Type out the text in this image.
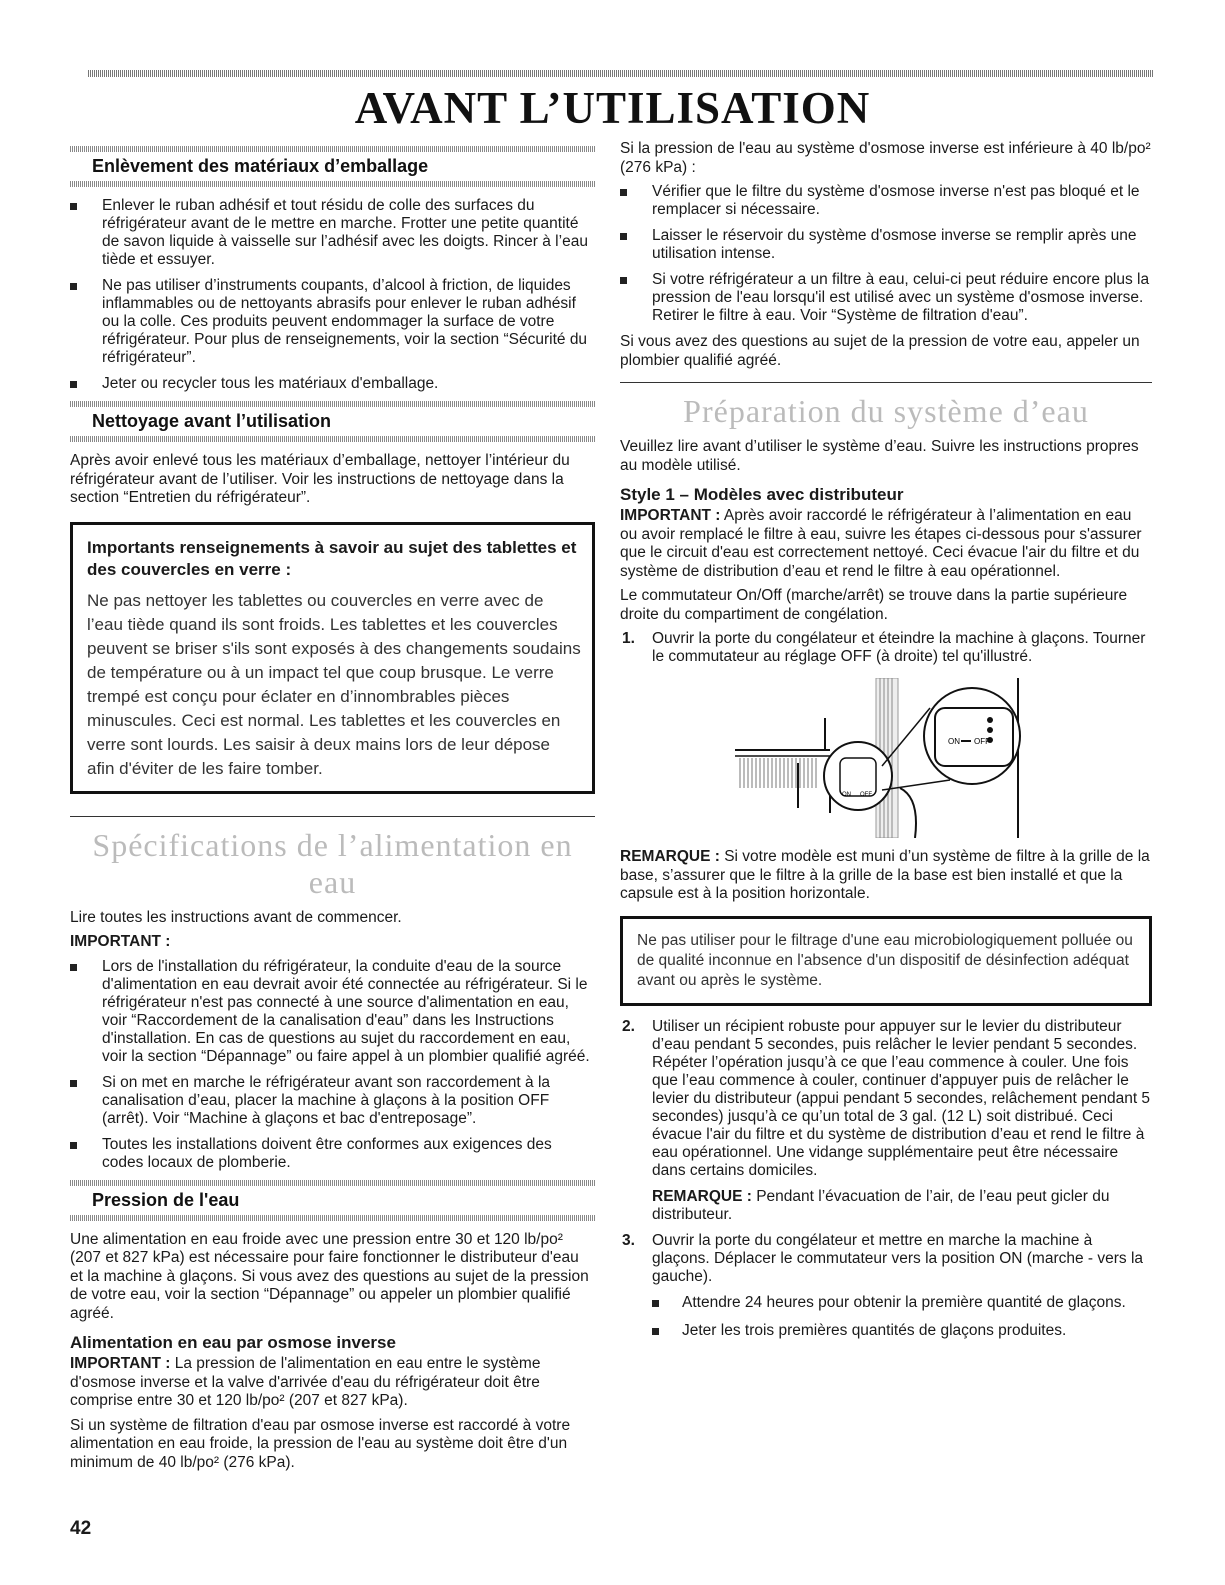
AVANT L’UTILISATION
Enlèvement des matériaux d’emballage
Enlever le ruban adhésif et tout résidu de colle des surfaces du réfrigérateur avant de le mettre en marche. Frotter une petite quantité de savon liquide à vaisselle sur l’adhésif avec les doigts. Rincer à l’eau tiède et essuyer.
Ne pas utiliser d’instruments coupants, d’alcool à friction, de liquides inflammables ou de nettoyants abrasifs pour enlever le ruban adhésif ou la colle. Ces produits peuvent endommager la surface de votre réfrigérateur. Pour plus de renseignements, voir la section “Sécurité du réfrigérateur”.
Jeter ou recycler tous les matériaux d'emballage.
Nettoyage avant l’utilisation

Après avoir enlevé tous les matériaux d’emballage, nettoyer l’intérieur du réfrigérateur avant de l’utiliser. Voir les instructions de nettoyage dans la section “Entretien du réfrigérateur”.

Importants renseignements à savoir au sujet des tablettes et des couvercles en verre :
Ne pas nettoyer les tablettes ou couvercles en verre avec de l’eau tiède quand ils sont froids. Les tablettes et les couvercles peuvent se briser s'ils sont exposés à des changements soudains de température ou à un impact tel que coup brusque. Le verre trempé est conçu pour éclater en d’innombrables pièces minuscules. Ceci est normal. Les tablettes et les couvercles en verre sont lourds. Les saisir à deux mains lors de leur dépose afin d'éviter de les faire tomber.
Spécifications de l’alimentation en eau

Lire toutes les instructions avant de commencer.

IMPORTANT :

Lors de l'installation du réfrigérateur, la conduite d'eau de la source d'alimentation en eau devrait avoir été connectée au réfrigérateur. Si le réfrigérateur n'est pas connecté à une source d'alimentation en eau, voir “Raccordement de la canalisation d'eau” dans les Instructions d'installation. En cas de questions au sujet du raccordement en eau, voir la section “Dépannage” ou faire appel à un plombier qualifié agréé.
Si on met en marche le réfrigérateur avant son raccordement à la canalisation d’eau, placer la machine à glaçons à la position OFF (arrêt). Voir “Machine à glaçons et bac d'entreposage”.
Toutes les installations doivent être conformes aux exigences des codes locaux de plomberie.
Pression de l'eau

Une alimentation en eau froide avec une pression entre 30 et 120 lb/po² (207 et 827 kPa) est nécessaire pour faire fonctionner le distributeur d'eau et la machine à glaçons. Si vous avez des questions au sujet de la pression de votre eau, voir la section “Dépannage” ou appeler un plombier qualifié agréé.

Alimentation en eau par osmose inverse

IMPORTANT : La pression de l'alimentation en eau entre le système d'osmose inverse et la valve d'arrivée d'eau du réfrigérateur doit être comprise entre 30 et 120 lb/po² (207 et 827 kPa).

Si un système de filtration d'eau par osmose inverse est raccordé à votre alimentation en eau froide, la pression de l'eau au système doit être d'un minimum de 40 lb/po² (276 kPa).

Si la pression de l'eau au système d'osmose inverse est inférieure à 40 lb/po² (276 kPa) :

Vérifier que le filtre du système d'osmose inverse n'est pas bloqué et le remplacer si nécessaire.
Laisser le réservoir du système d'osmose inverse se remplir après une utilisation intense.
Si votre réfrigérateur a un filtre à eau, celui-ci peut réduire encore plus la pression de l'eau lorsqu'il est utilisé avec un système d'osmose inverse. Retirer le filtre à eau. Voir “Système de filtration d'eau”.

Si vous avez des questions au sujet de la pression de votre eau, appeler un plombier qualifié agréé.

Préparation du système d’eau

Veuillez lire avant d’utiliser le système d’eau. Suivre les instructions propres au modèle utilisé.

Style 1 – Modèles avec distributeur

IMPORTANT : Après avoir raccordé le réfrigérateur à l’alimentation en eau ou avoir remplacé le filtre à eau, suivre les étapes ci-dessous pour s'assurer que le circuit d'eau est correctement nettoyé. Ceci évacue l'air du filtre et du système de distribution d’eau et rend le filtre à eau opérationnel.

Le commutateur On/Off (marche/arrêt) se trouve dans la partie supérieure droite du compartiment de congélation.

1. Ouvrir la porte du congélateur et éteindre la machine à glaçons. Tourner le commutateur au réglage OFF (à droite) tel qu'illustré.
ON OFF
ON OFF

REMARQUE : Si votre modèle est muni d’un système de filtre à la grille de la base, s’assurer que le filtre à la grille de la base est bien installé et que la capsule est à la position horizontale.

Ne pas utiliser pour le filtrage d'une eau microbiologiquement polluée ou de qualité inconnue en l'absence d'un dispositif de désinfection adéquat avant ou après le système.
2. Utiliser un récipient robuste pour appuyer sur le levier du distributeur d’eau pendant 5 secondes, puis relâcher le levier pendant 5 secondes. Répéter l’opération jusqu’à ce que l’eau commence à couler. Une fois que l’eau commence à couler, continuer d'appuyer puis de relâcher le levier du distributeur (appui pendant 5 secondes, relâchement pendant 5 secondes) jusqu’à ce qu’un total de 3 gal. (12 L) soit distribué. Ceci évacue l'air du filtre et du système de distribution d’eau et rend le filtre à eau opérationnel. Une vidange supplémentaire peut être nécessaire dans certains domiciles.
REMARQUE : Pendant l’évacuation de l’air, de l’eau peut gicler du distributeur.
3. Ouvrir la porte du congélateur et mettre en marche la machine à glaçons. Déplacer le commutateur vers la position ON (marche - vers la gauche).
Attendre 24 heures pour obtenir la première quantité de glaçons.
Jeter les trois premières quantités de glaçons produites.
42
